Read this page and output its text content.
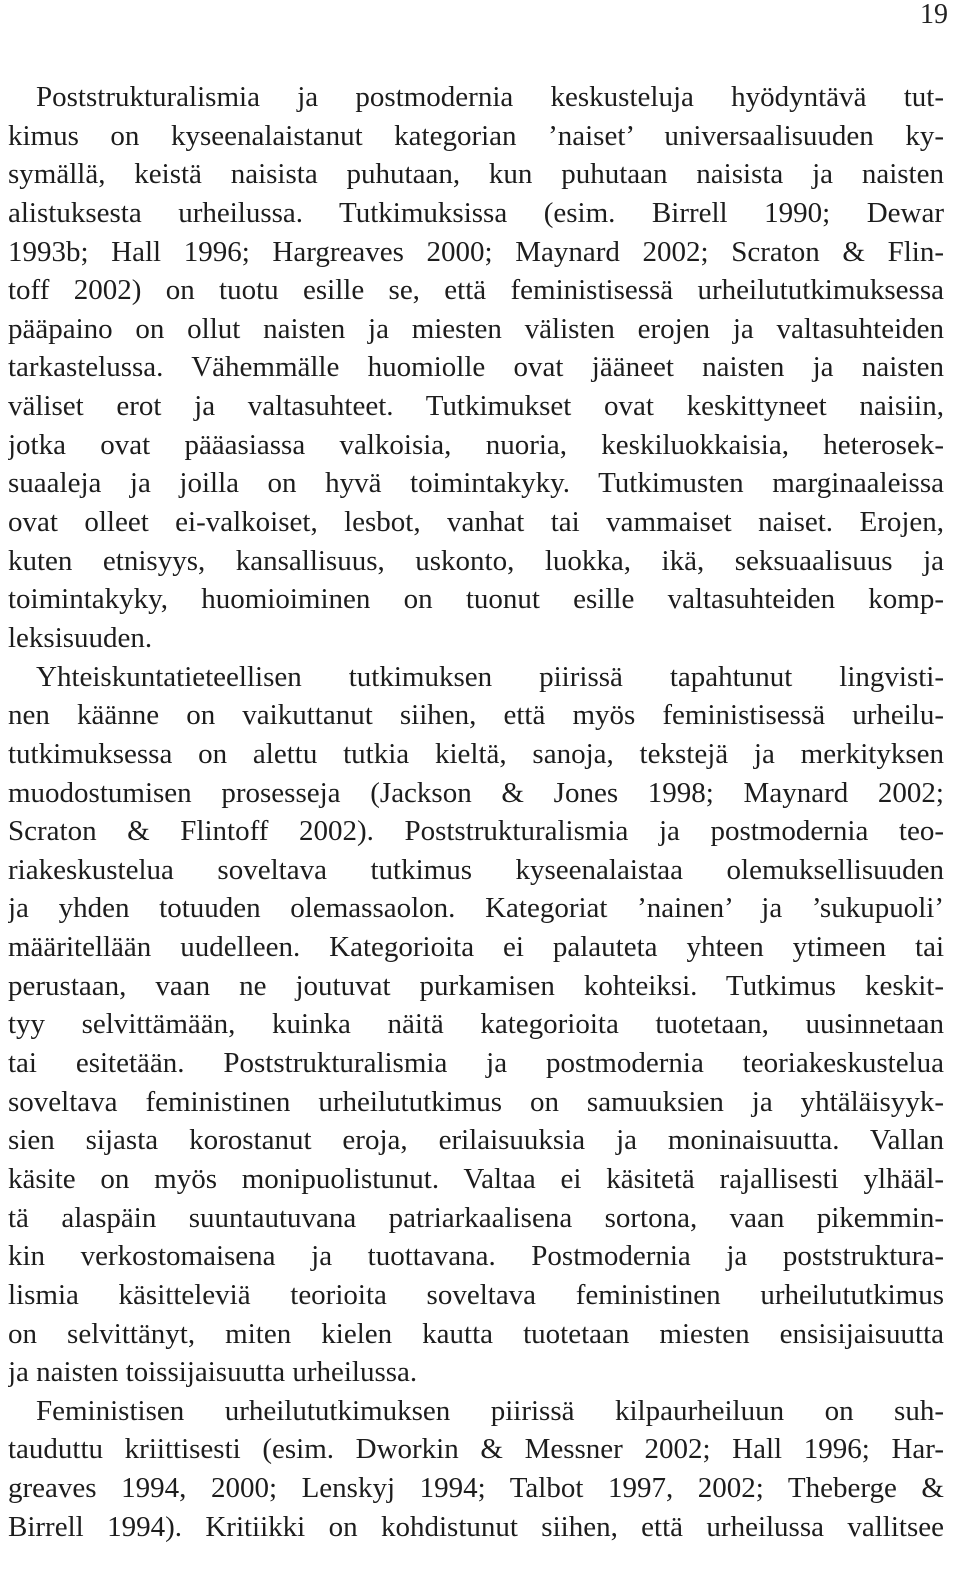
19
Poststrukturalismia ja postmodernia keskusteluja hyödyntävä tut-
kimus on kyseenalaistanut kategorian ’naiset’ universaalisuuden ky-
symällä, keistä naisista puhutaan, kun puhutaan naisista ja naisten
alistuksesta urheilussa. Tutkimuksissa (esim. Birrell 1990; Dewar
1993b; Hall 1996; Hargreaves 2000; Maynard 2002; Scraton & Flin-
toff 2002) on tuotu esille se, että feministisessä urheilututkimuksessa
pääpaino on ollut naisten ja miesten välisten erojen ja valtasuhteiden
tarkastelussa. Vähemmälle huomiolle ovat jääneet naisten ja naisten
väliset erot ja valtasuhteet. Tutkimukset ovat keskittyneet naisiin,
jotka ovat pääasiassa valkoisia, nuoria, keskiluokkaisia, heterosek-
suaaleja ja joilla on hyvä toimintakyky. Tutkimusten marginaaleissa
ovat olleet ei-valkoiset, lesbot, vanhat tai vammaiset naiset. Erojen,
kuten etnisyys, kansallisuus, uskonto, luokka, ikä, seksuaalisuus ja
toimintakyky, huomioiminen on tuonut esille valtasuhteiden komp-
leksisuuden.
Yhteiskuntatieteellisen tutkimuksen piirissä tapahtunut lingvisti-
nen käänne on vaikuttanut siihen, että myös feministisessä urheilu-
tutkimuksessa on alettu tutkia kieltä, sanoja, tekstejä ja merkityksen
muodostumisen prosesseja (Jackson & Jones 1998; Maynard 2002;
Scraton & Flintoff 2002). Poststrukturalismia ja postmodernia teo-
riakeskustelua soveltava tutkimus kyseenalaistaa olemuksellisuuden
ja yhden totuuden olemassaolon. Kategoriat ’nainen’ ja ’sukupuoli’
määritellään uudelleen. Kategorioita ei palauteta yhteen ytimeen tai
perustaan, vaan ne joutuvat purkamisen kohteiksi. Tutkimus keskit-
tyy selvittämään, kuinka näitä kategorioita tuotetaan, uusinnetaan
tai esitetään. Poststrukturalismia ja postmodernia teoriakeskustelua
soveltava feministinen urheilututkimus on samuuksien ja yhtäläisyyk-
sien sijasta korostanut eroja, erilaisuuksia ja moninaisuutta. Vallan
käsite on myös monipuolistunut. Valtaa ei käsitetä rajallisesti ylhääl-
tä alaspäin suuntautuvana patriarkaalisena sortona, vaan pikemmin-
kin verkostomaisena ja tuottavana. Postmodernia ja poststruktura-
lismia käsitteleviä teorioita soveltava feministinen urheilututkimus
on selvittänyt, miten kielen kautta tuotetaan miesten ensisijaisuutta
ja naisten toissijaisuutta urheilussa.
Feministisen urheilututkimuksen piirissä kilpaurheiluun on suh-
tauduttu kriittisesti (esim. Dworkin & Messner 2002; Hall 1996; Har-
greaves 1994, 2000; Lenskyj 1994; Talbot 1997, 2002; Theberge &
Birrell 1994). Kritiikki on kohdistunut siihen, että urheilussa vallitsee
